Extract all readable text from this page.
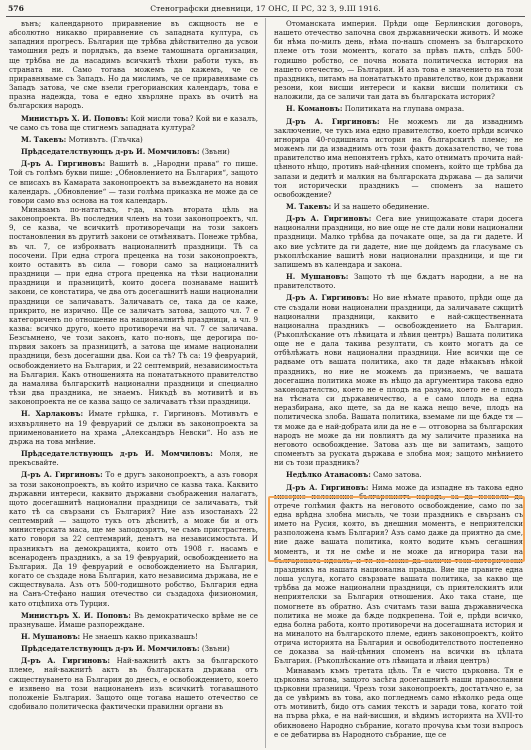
576	Стенографски дневници, 17 ОНС, II РС, 32 З, 9.III 1916.

вънъ; календарното приравнение въ сжщность не е абсолютно никакво приравнение съ западната култура, съ западния прогресъ. България ще трѣбва дѣйствително да усвои тамошния редъ и порядъкъ, да вземе тамошната организация, ще трѣбва не да насадимъ всичкитѣ тѣхни работи тукъ, въ страната ни. Само тогава можемъ да кажемъ, че се приравняваме съ Западъ. Но да мислимъ, че се приравняваме съ Западъ затова, че сме взели грегорианския календаръ, това е празна надежда, това е едно хвърляне прахъ въ очитѣ на българския народъ.

Министъръ Х. И. Поповъ: Кой мисли това? Кой ви е казалъ, че само съ това ще стигнемъ западната култура?

М. Такевъ: Мотивътъ. (Глъчка)

Прѣдседателствующъ д-ръ И. Момчиловъ: (Звъни)

Д-ръ А. Гиргиновъ: Вашитѣ в. „Народни права“ го пише. Той съ голѣмъ букви пише: „Обновлението на България“, защото се вписахъ въ Камарата законопроектъ за въвеждането на новия календаръ. „Обновление“ — тази голѣма приказка не може да се говори само въз основа на тоя календаръ.

Минавамъ по-нататъкъ, г-да, къмъ втората цѣль на законопроекта. Въ последния членъ на този законопроектъ, чл. 9, се казва, че всичкитѣ противоречащи на този законъ постановления въ другитѣ закони се отмѣняватъ. Понеже трѣбва, въ чл. 7, се изброяватъ националнитѣ праздници. Тѣ са посочени. При една строга преценка на този законопроектъ, които оставятъ въ сила — говори само за националнитѣ праздници — при една строга преценка на тѣзи национални праздници и празницитѣ, които досега познаваме нашитѣ закони, се констатира, че два отъ досегашнитѣ наши национални праздници се заличаватъ. Заличаватъ се, така да се каже, прикрито, не изрично. Ще се заличатъ затова, защото чл. 7 е категориченъ по отношение на националнитѣ праздници, а чл. 9 казва: всичко друго, което противоречи на чл. 7 се заличава. Безсъмнено, че този законъ, като по-новъ, ще дерогира по-първия законъ за празницитѣ, а затова ще имаме национални праздници, безъ досегашни два. Кои са тѣ? Тѣ са: 19 февруарий, освобождението на България, и 22 септемврий, независимостьта на България. Какъ отношенията на понататъкното правителство да намалява българскитѣ национални праздници и специално тѣзи два праздника, не знаемъ. Никъдѣ въ мотивитѣ и въ законопроекта не се казва защо се заличаватъ тѣзи праздници.

Н. Харлаковъ: Имате грѣшка, г. Гиргиновъ. Мотивътъ е изхвърлянето на 19 февруарий се дължи въ законопроекта за приименованието на храма „Александъръ Невски“. Но азъ не държа на това мнѣние.

Прѣдседателствующъ д-ръ И. Момчиловъ: Моля, не прекъсвайте.

Д-ръ А. Гиргиновъ: То е другъ законопроектъ, а азъ говоря за този законопроектъ, въ който изрично се казва така. Каквито държавни интереси, каквито държавни съображения налагатъ, щото досегашнитѣ национални праздници се заличаватъ, тъй като тѣ са свързани съ България? Ние азъ изостанахъ 22 септемврий — защото тукъ отъ дѣснитѣ, а може би и отъ министерската маса, ще ме заподозрятъ, че съмъ пристрастенъ, като говоря за 22 септемврий, деньтъ на независимостьта. И празникътъ на демокрацията, които отъ 1908 г. насамъ е всенароденъ праздникъ, а за 19 февруарий, освобождението на България. Да 19 февруарий е освобождението на България, когато се създаде нова България, като независима държава, не е сжществувала. Азъ отъ 500-годишното робство, България една на Санъ-Стефано нашия отечество си създадоха физиономия, като отцѣпиха отъ Турция.

Министъръ Х. И. Поповъ: Въ демократическо врѣме не се празнуваше. Имаше разпореждане.

Н. Мушановъ: Не знаешъ какво приказвашъ!

Прѣдседателствующъ д-ръ И. Момчиловъ: (Звъни)

Д-ръ А. Гиргиновъ: Най-важнитѣ актъ за българското племе, най-важнитѣ актъ въ българската държава отъ сжществуването на България до днесъ, е освобождението, което е изявено на този национаненъ изъ всичкитѣ тогавашното положеніе България. Защото още тогава нашето отечество се сдобивало политическа фактически правилни органи въ

Отоманската империя. Прѣди още Берлинския договоръ, нашето отечество започна своя държавнически животъ. И може би нѣма по-милъ день, нѣма по-нашъ споменъ за българското племе отъ този моментъ, когато за прѣвъ пѫть, слѣдъ 500-годишно робство, се почна новата политическа история на нашето отечество, — България. И азъ това е значението на този праздникъ, питамъ на понататъкъто правителство, кои държавни резони, кои висши интереси и какви висши политики съ наложили, да се заличи тая дата въ българската история?

Н. Комановъ: Политиката на глупава омраза.

Д-ръ А. Гиргиновъ: Не можемъ ли да изваднимъ заключение, че тукъ има едно правителство, което прѣди всичко игнорира 40-годишната история на българскитѣ племе; не можемъ ли да изваднимъ отъ този фактъ доказателство, че това правителство има непонятенъ грѣхъ, като отниматъ прочита най-цѣнното нѣщо, противъ най-цѣнния споменъ, който ще трѣбва да запази и дедитѣ и малкия на българската държава — да заличи тоя исторически праздникъ — споменъ за нашето освобождение?

М. Такевъ: И за нашето обединение.

Д-ръ А. Гиргиновъ: Сега вие унищожавате стари досега национални праздници, но вие още не сте дали нови национални праздници. Малко трѣбва да почакате още, за да ги дадете. И ако вие усѣтите да ги дадете, ние ще дойдемъ да гласуваме съ ръкоплѣскание вашитѣ нови национални праздници, и ще ги запишемъ въ календара и закона.

Н. Мушановъ: Защото тѣ ще бѫдатъ народни, а не на правителството.

Д-ръ А. Гиргиновъ: Но вие нѣмате правото, прѣди още да сте създали нови национални праздници, да заличавате сжщитѣ национални праздници, каквито е най-сжщественната национална праздникъ — освобождението на България. (Ръкоплѣскание отъ лѣвицата и лѣвия центръ) Вашата политика още не е дала такива резултати, съ които могатъ да се отбѣлѣжатъ нови национални праздници. Ние всички ще се радваме отъ вашата политика, ако тя даде нѣкакъвъ нѣкой праздникъ, но ние не можемъ да признаемъ, че вашата досегашна политика може въ нѣщо да аргументира такова едно законодателство, което не е плодъ на разума, което не е плодъ на тѣсната си държавничество, а е само плодъ на една неразбирана, ако щете, за да не кажа нещо вече, плодъ на политическа злоба. Вашата политика, вземаме ли ще бѫде тя — тя може да е най-добрата или да не е — отговорна за българския народъ не може да ни повлиятъ да му заличите празника на неговото освобождение. Затова азъ ще ви запитамъ, защото споменътъ за руската държава е злобна моя; защото мнѣнието ни съ този праздникъ?

Недѣлко Атанасовъ: Само затова.

Д-ръ А. Гиргиновъ: Нима може да изпадне въ такова едно мизерно положение българскиятъ народъ, за да позволи да отрече голѣмия фактъ на неговото освобождение, само по за една врѣдна злобна мисъль, че този праздникъ е свързанъ съ името на Русия, която, въ днешния моментъ, е неприятелски разположена къмъ България? Азъ само даже да приятно да сме, ние даже вашата политика, която водите къмъ сегашния моментъ, и тя не смѣе и не може да игнорира тази на българската идеалъ, и тя не може да заличи този исторически праздникъ на нашата национална правда. Вие ще правите една лоша услуга, когато свързвате вашата политика, за какво ще трѣбва да може национални праздници, съ приятелскиятъ или неприятелски за България отношения. Ако така стане, ще помогнете въ обратно. Азъ считамъ тази ваша държавническа политика не може да бѫде подкрепена. Той е, прѣди всичко, една болна работа, която противоречи на досегашната история и на миналото на българското племе, единъ законопроектъ, който отрича историята на България и освободителството постепенно се доказва за най-цѣнния споменъ на всички въ цѣлата България. (Ръкоплѣскание отъ лѣвицата и лѣвия центръ)

Минавамъ къмъ третата цѣль. Тя е чисто църковна. Тя е църковна затова, защото засѣга досегашнитѣ наши православни църковни празници. Чрезъ този законопроектъ, достатъчно е, за да се увѣримъ въ това, ако погледнемъ само нѣколко реда още отъ мотивитѣ, бидо отъ самия текстъ и заради това, когато той на първа рѣка, е на най-висшия, и вѣдимъ историята на XVII-то обикновено Народно събрание, когато прочува към този въпросъ е се дебатирва въ Народното събрание, ще се
